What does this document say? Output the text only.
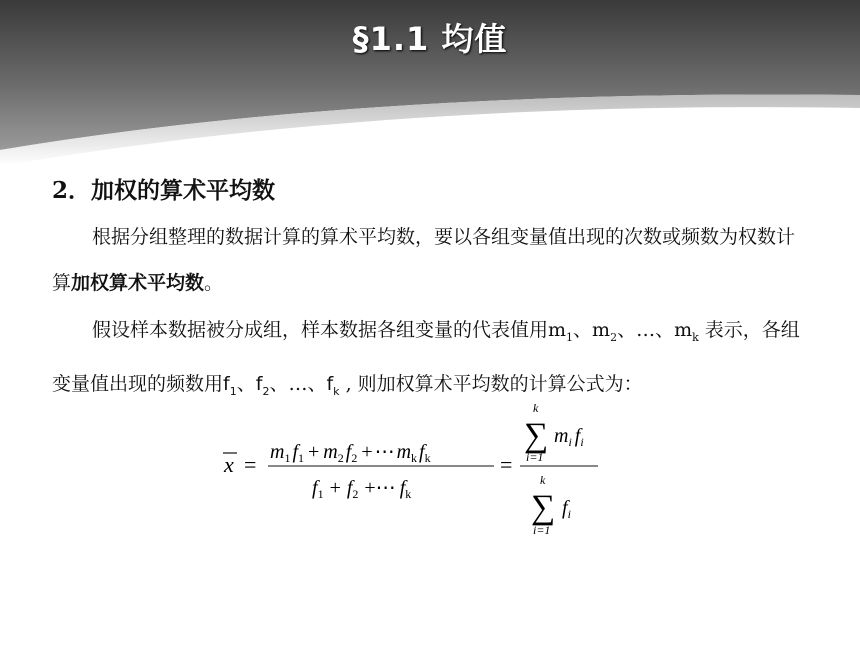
§1.1 均值
2．加权的算术平均数
根据分组整理的数据计算的算术平均数，要以各组变量值出现的次数或频数为权数计算加权算术平均数。
假设样本数据被分成组，样本数据各组变量的代表值用$m_1$、$m_2$、…、$m_k$ 表示，各组变量值出现的频数用$f_1$、$f_2$、…、$f_k$ , 则加权算术平均数的计算公式为：
$x = m_1$ $f_1 + m_2$ $f_2$ + ⋯ $m_k$ $f_k$
$f_1 + f_2$ +⋯ $f_k$
=
k
∑ $m_i$ $f_i$
i=1
k
∑ $f_i$
i=1
